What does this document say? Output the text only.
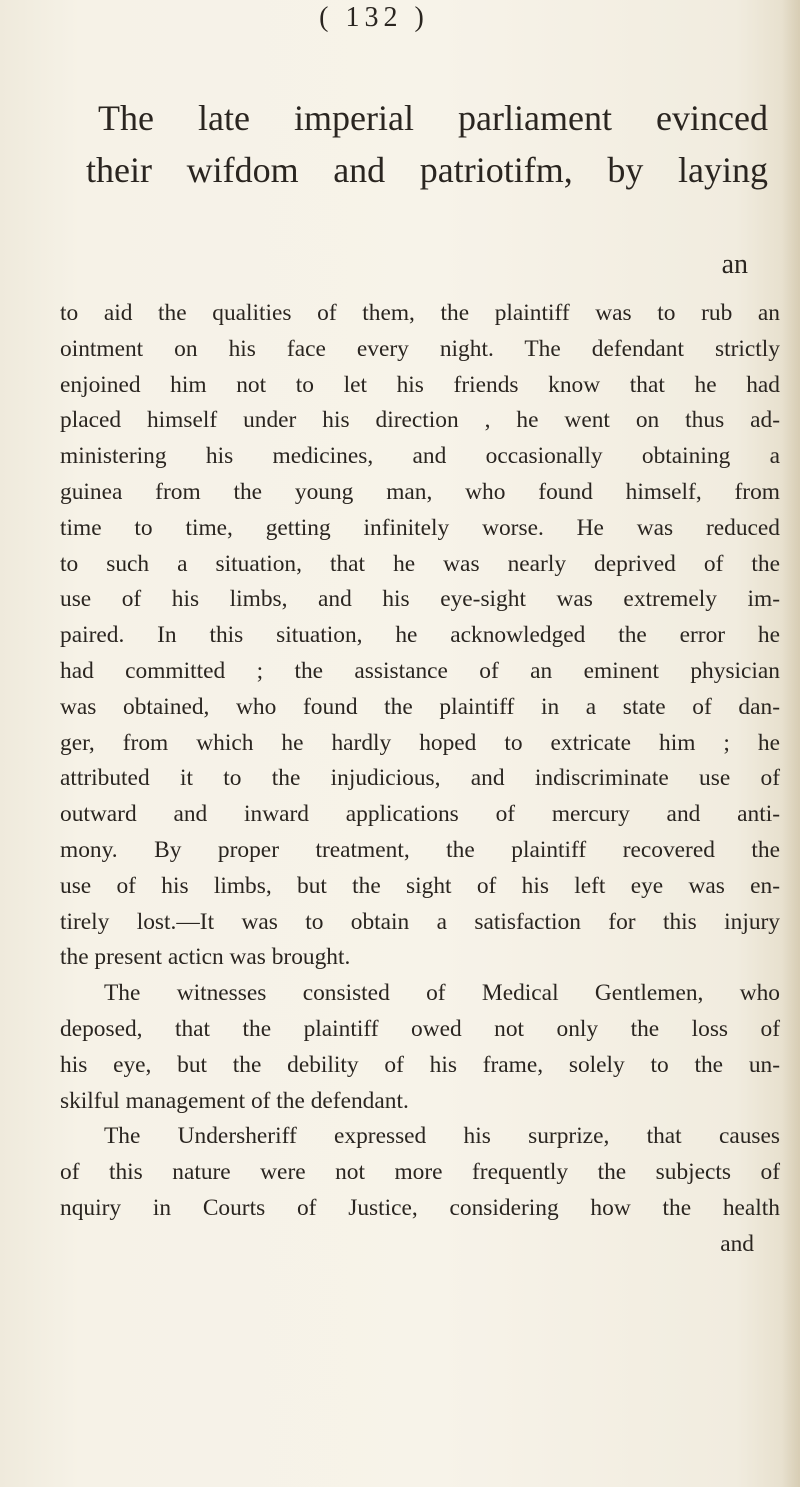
( 132 )
The late imperial parliament evinced
their wifdom and patriotifm, by laying
an
to aid the qualities of them, the plaintiff was to rub an
ointment on his face every night. The defendant strictly
enjoined him not to let his friends know that he had
placed himself under his direction , he went on thus ad-
ministering his medicines, and occasionally obtaining a
guinea from the young man, who found himself, from
time to time, getting infinitely worse. He was reduced
to such a situation, that he was nearly deprived of the
use of his limbs, and his eye-sight was extremely im-
paired. In this situation, he acknowledged the error he
had committed ; the assistance of an eminent physician
was obtained, who found the plaintiff in a state of dan-
ger, from which he hardly hoped to extricate him ; he
attributed it to the injudicious, and indiscriminate use of
outward and inward applications of mercury and anti-
mony. By proper treatment, the plaintiff recovered the
use of his limbs, but the sight of his left eye was en-
tirely lost.—It was to obtain a satisfaction for this injury
the present acticn was brought.
The witnesses consisted of Medical Gentlemen, who
deposed, that the plaintiff owed not only the loss of
his eye, but the debility of his frame, solely to the un-
skilful management of the defendant.
The Undersheriff expressed his surprize, that causes
of this nature were not more frequently the subjects of
nquiry in Courts of Justice, considering how the health
and
